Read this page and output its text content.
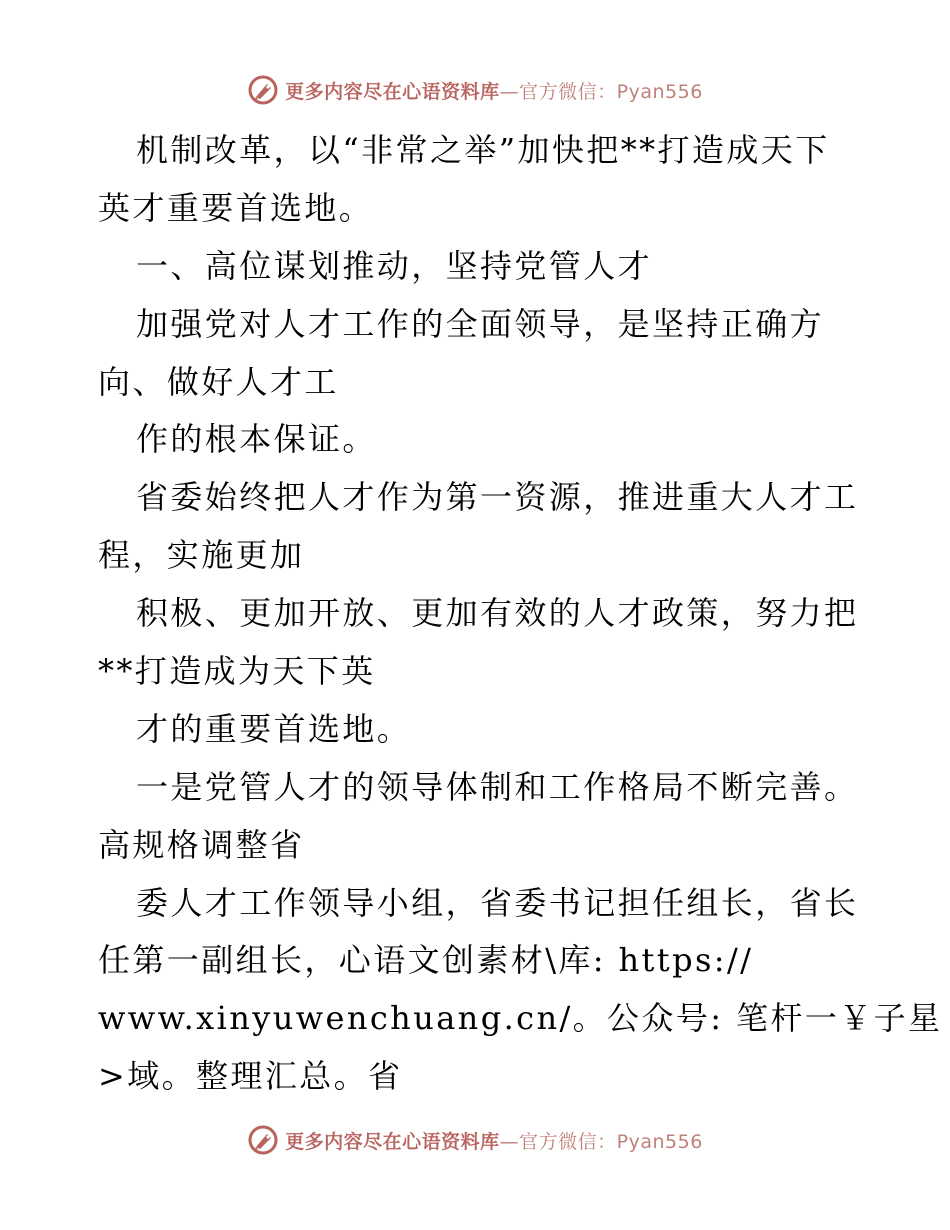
更多内容尽在心语资料库—官方微信：Pyan556
机制改革，以“非常之举”加快把**打造成天下
英才重要首选地。
一、高位谋划推动，坚持党管人才
加强党对人才工作的全面领导，是坚持正确方
向、做好人才工
作的根本保证。
省委始终把人才作为第一资源，推进重大人才工
程，实施更加
积极、更加开放、更加有效的人才政策，努力把
**打造成为天下英
才的重要首选地。
一是党管人才的领导体制和工作格局不断完善。
高规格调整省
委人才工作领导小组，省委书记担任组长，省长
任第一副组长，心语文创素材\库: https://
www.xinyuwenchuang.cn/。公众号: 笔杆一￥子星
>域。整理汇总。省
更多内容尽在心语资料库—官方微信：Pyan556
